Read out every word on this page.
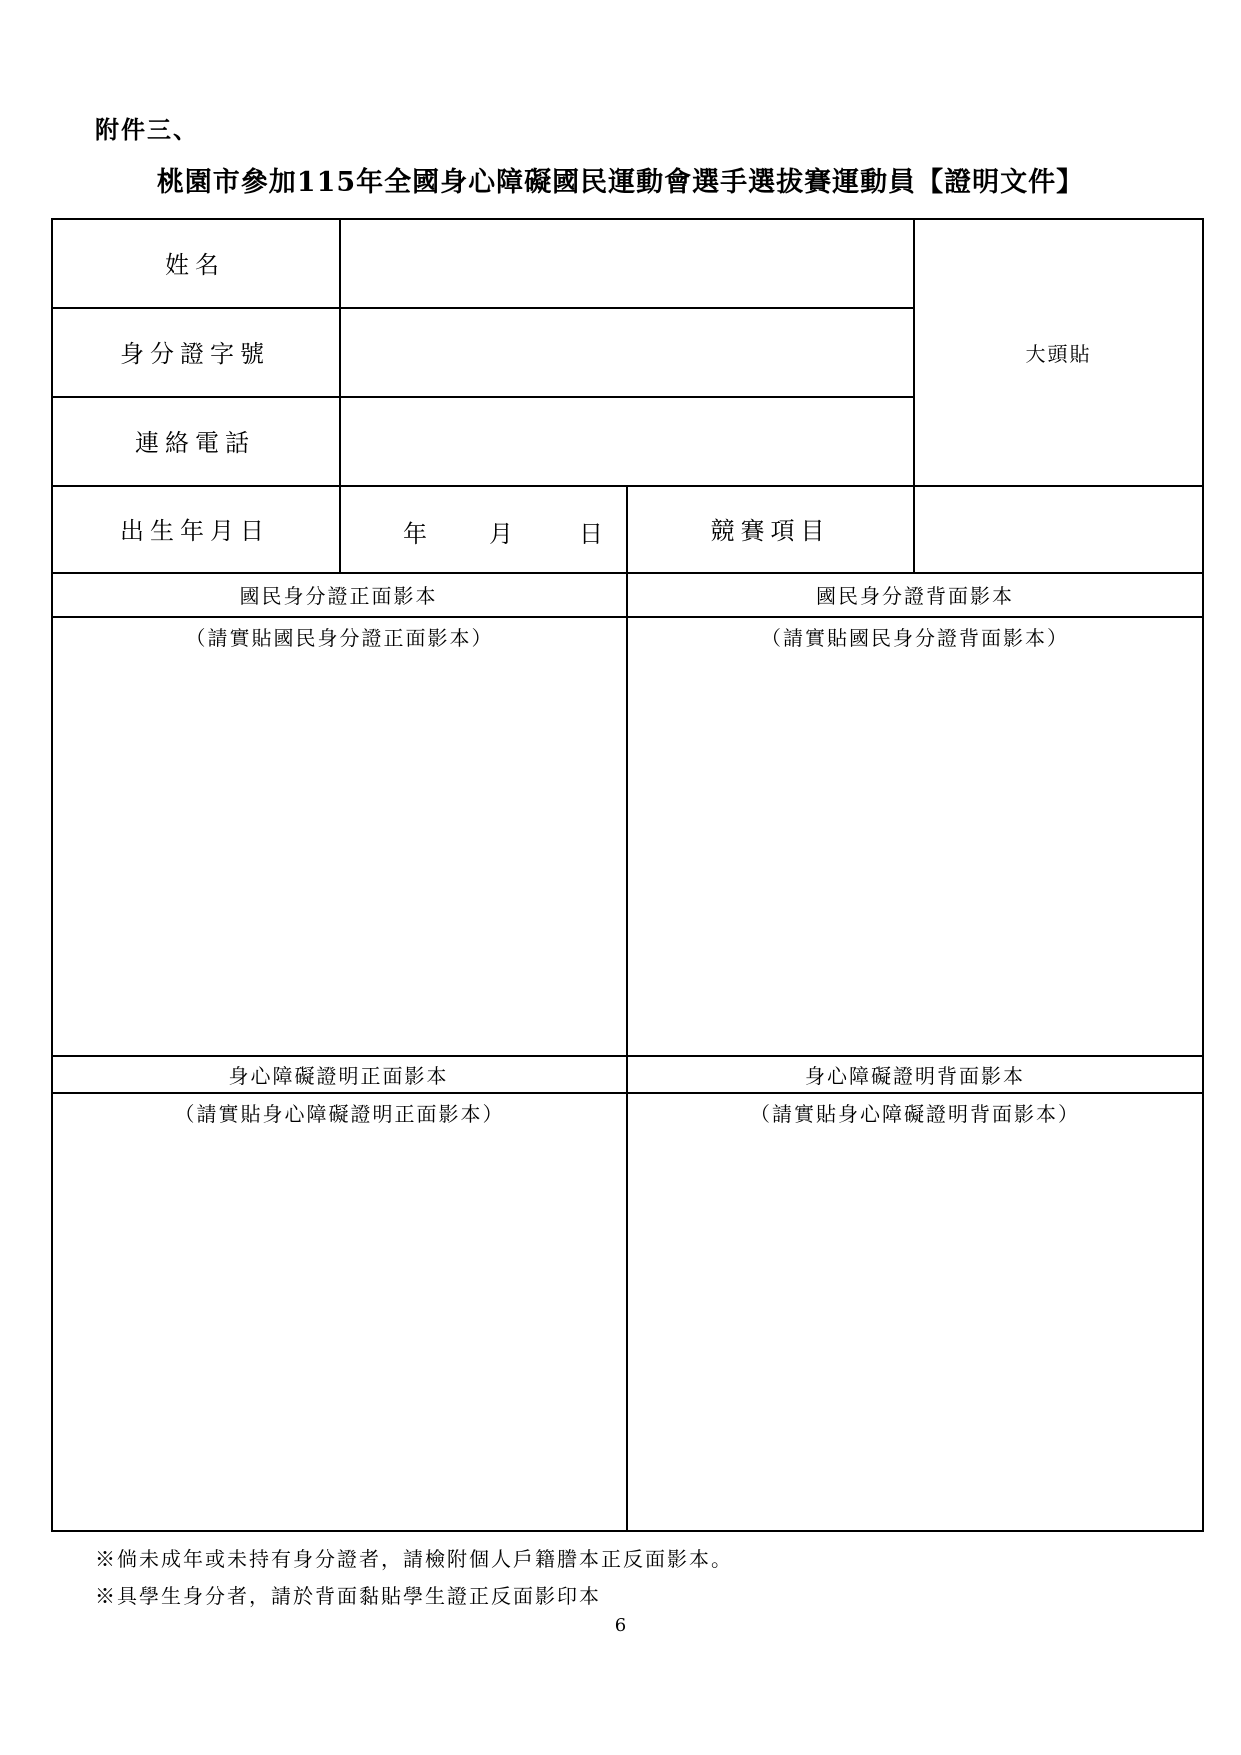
附件三、
桃園市參加115年全國身心障礙國民運動會選手選拔賽運動員【證明文件】
姓名
身分證字號
連絡電話
大頭貼
出生年月日	年	月	日	競賽項目
國民身分證正面影本	國民身分證背面影本
（請實貼國民身分證正面影本）	（請實貼國民身分證背面影本）
身心障礙證明正面影本	身心障礙證明背面影本
（請實貼身心障礙證明正面影本）	（請實貼身心障礙證明背面影本）
※倘未成年或未持有身分證者，請檢附個人戶籍謄本正反面影本。
※具學生身分者，請於背面黏貼學生證正反面影印本
6
